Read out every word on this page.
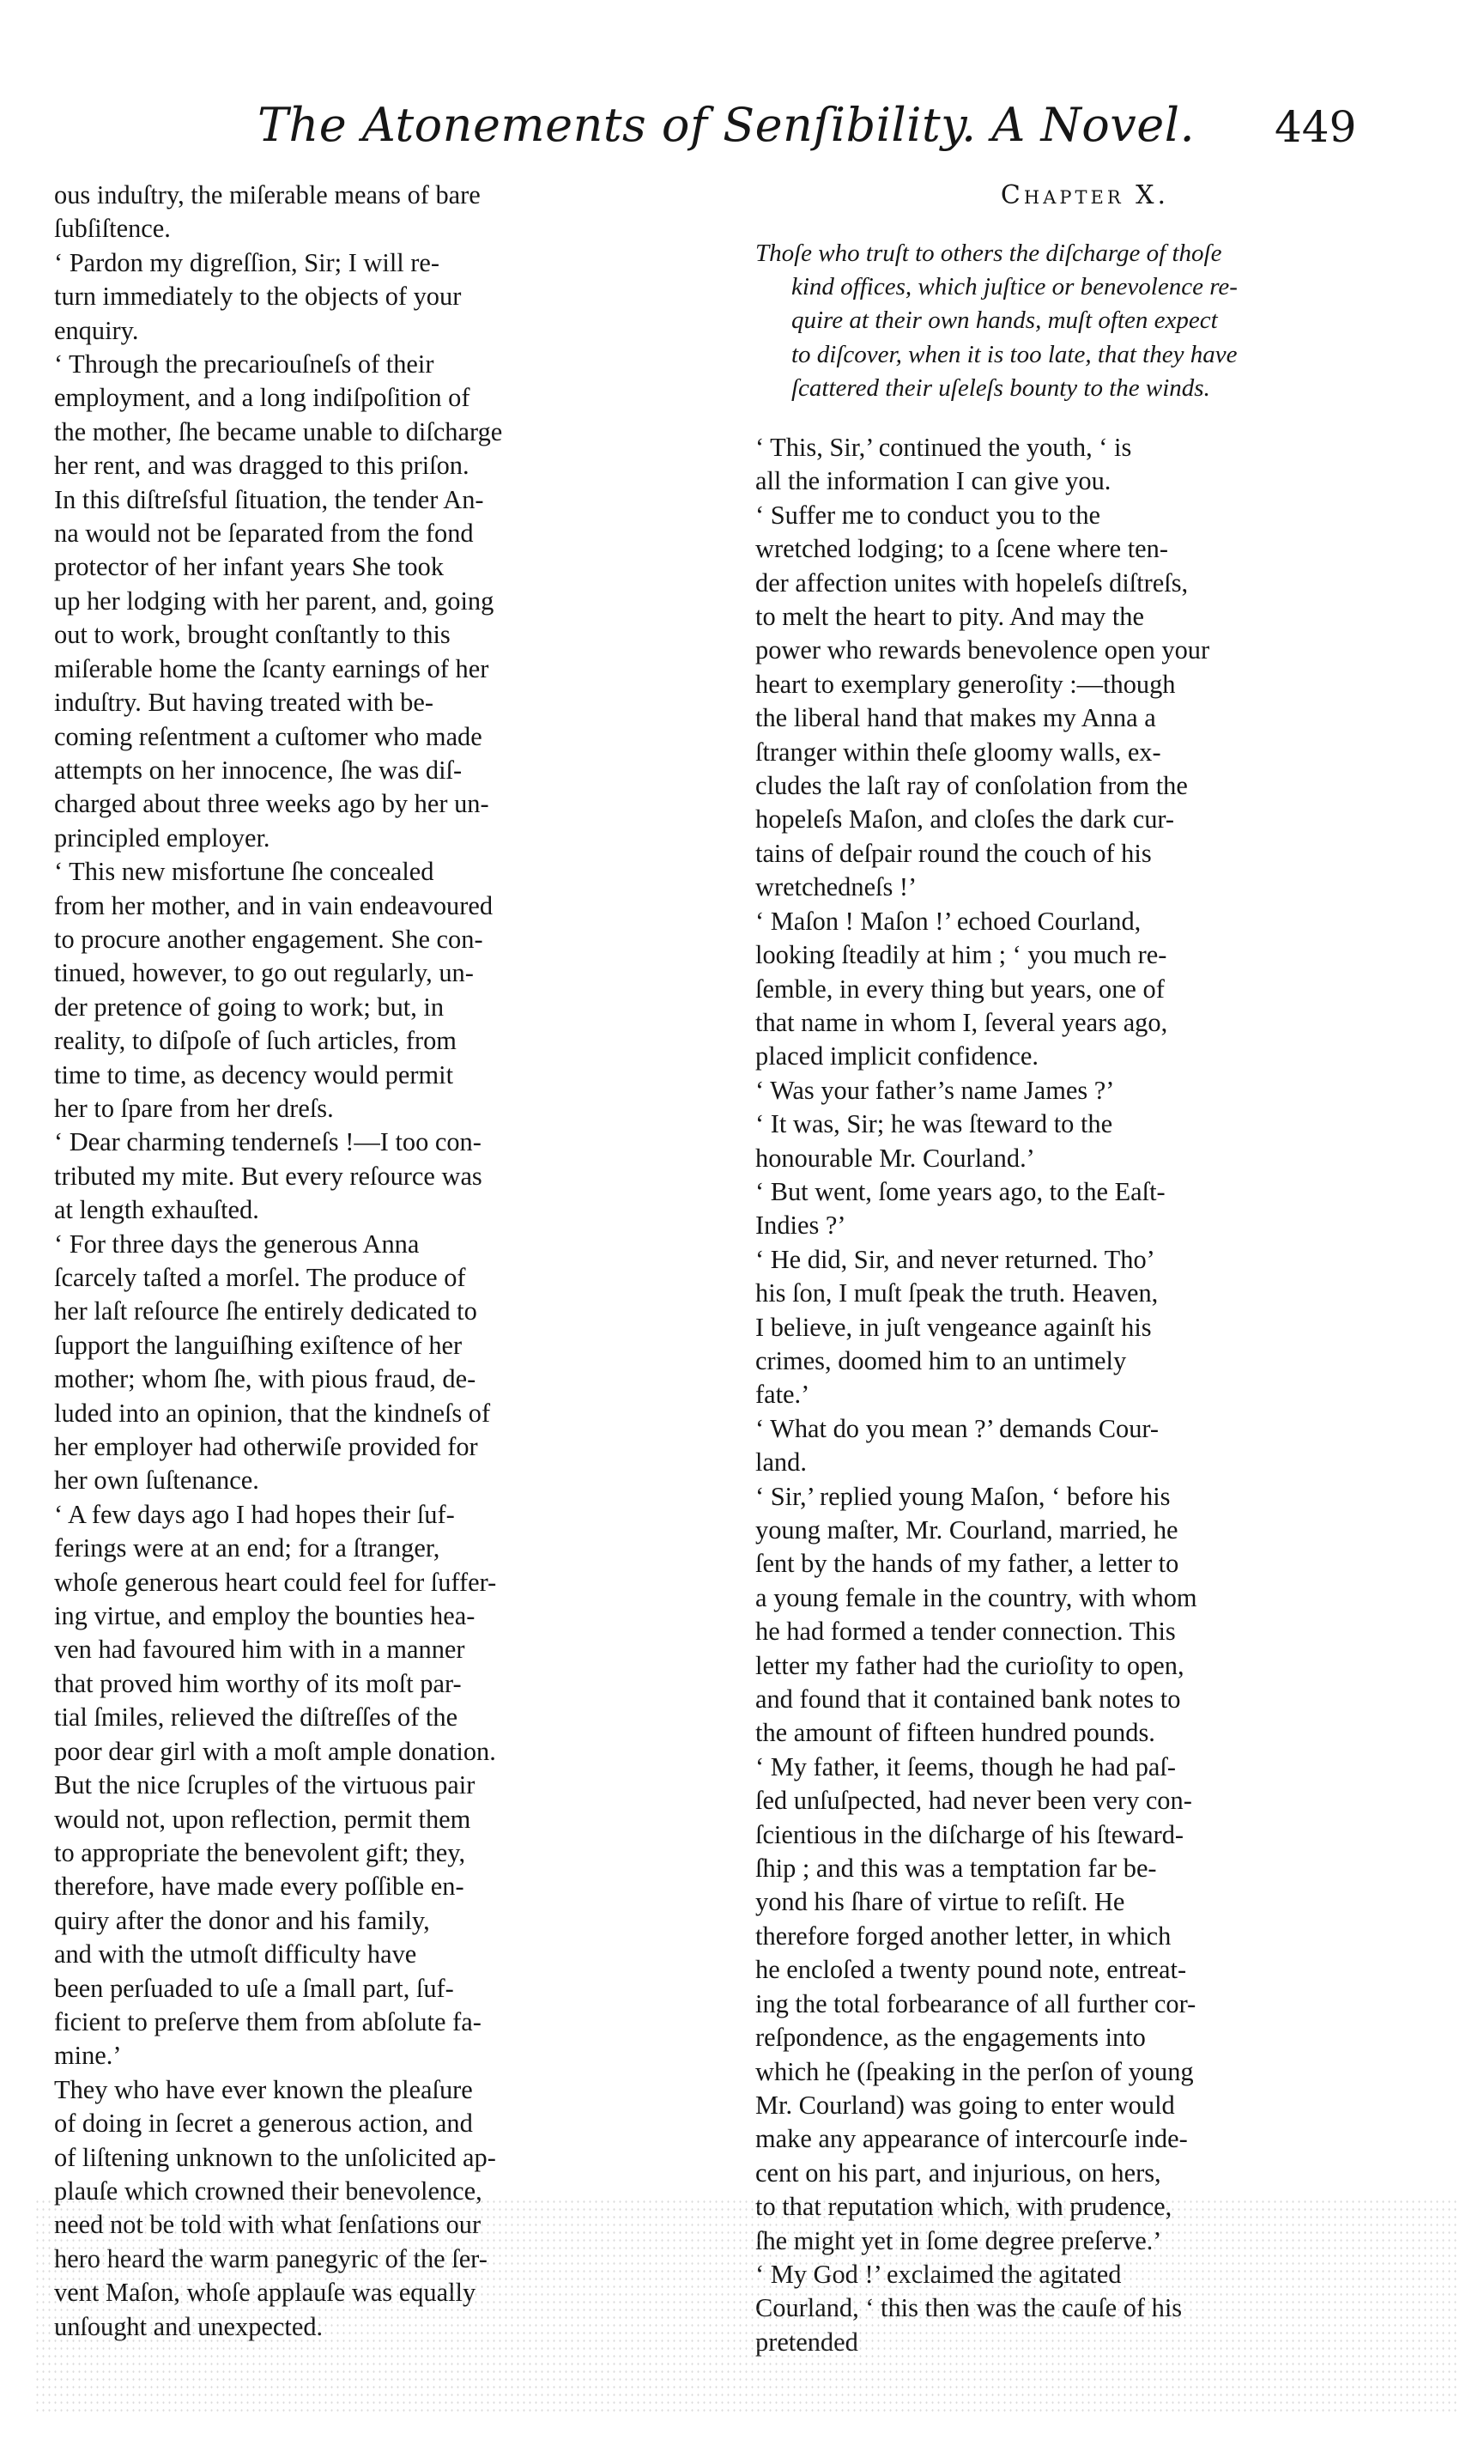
The Atonements of Senſibility. A Novel. 449

ous induſtry, the miſerable means of bare

ſubſiſtence.

‘ Pardon my digreſſion, Sir; I will re-

turn immediately to the objects of your

enquiry.

‘ Through the precariouſneſs of their

employment, and a long indiſpoſition of

the mother, ſhe became unable to diſcharge

her rent, and was dragged to this priſon.

In this diſtreſsful ſituation, the tender An-

na would not be ſeparated from the fond

protector of her infant years She took

up her lodging with her parent, and, going

out to work, brought conſtantly to this

miſerable home the ſcanty earnings of her

induſtry. But having treated with be-

coming reſentment a cuſtomer who made

attempts on her innocence, ſhe was diſ-

charged about three weeks ago by her un-

principled employer.

‘ This new misfortune ſhe concealed

from her mother, and in vain endeavoured

to procure another engagement. She con-

tinued, however, to go out regularly, un-

der pretence of going to work; but, in

reality, to diſpoſe of ſuch articles, from

time to time, as decency would permit

her to ſpare from her dreſs.

‘ Dear charming tenderneſs !—I too con-

tributed my mite. But every reſource was

at length exhauſted.

‘ For three days the generous Anna

ſcarcely taſted a morſel. The produce of

her laſt reſource ſhe entirely dedicated to

ſupport the languiſhing exiſtence of her

mother; whom ſhe, with pious fraud, de-

luded into an opinion, that the kindneſs of

her employer had otherwiſe provided for

her own ſuſtenance.

‘ A few days ago I had hopes their ſuf-

ferings were at an end; for a ſtranger,

whoſe generous heart could feel for ſuffer-

ing virtue, and employ the bounties hea-

ven had favoured him with in a manner

that proved him worthy of its moſt par-

tial ſmiles, relieved the diſtreſſes of the

poor dear girl with a moſt ample donation.

But the nice ſcruples of the virtuous pair

would not, upon reflection, permit them

to appropriate the benevolent gift; they,

therefore, have made every poſſible en-

quiry after the donor and his family,

and with the utmoſt difficulty have

been perſuaded to uſe a ſmall part, ſuf-

ficient to preſerve them from abſolute fa-

mine.’

They who have ever known the pleaſure

of doing in ſecret a generous action, and

of liſtening unknown to the unſolicited ap-

plauſe which crowned their benevolence,

need not be told with what ſenſations our

hero heard the warm panegyric of the ſer-

vent Maſon, whoſe applauſe was equally

unſought and unexpected.

Chapter X.

Thoſe who truſt to others the diſcharge of thoſe

kind offices, which juſtice or benevolence re-

quire at their own hands, muſt often expect

to diſcover, when it is too late, that they have

ſcattered their uſeleſs bounty to the winds.

‘ This, Sir,’ continued the youth, ‘ is

all the information I can give you.

‘ Suffer me to conduct you to the

wretched lodging; to a ſcene where ten-

der affection unites with hopeleſs diſtreſs,

to melt the heart to pity. And may the

power who rewards benevolence open your

heart to exemplary generoſity :—though

the liberal hand that makes my Anna a

ſtranger within theſe gloomy walls, ex-

cludes the laſt ray of conſolation from the

hopeleſs Maſon, and cloſes the dark cur-

tains of deſpair round the couch of his

wretchedneſs !’

‘ Maſon ! Maſon !’ echoed Courland,

looking ſteadily at him ; ‘ you much re-

ſemble, in every thing but years, one of

that name in whom I, ſeveral years ago,

placed implicit confidence.

‘ Was your father’s name James ?’

‘ It was, Sir; he was ſteward to the

honourable Mr. Courland.’

‘ But went, ſome years ago, to the Eaſt-

Indies ?’

‘ He did, Sir, and never returned. Tho’

his ſon, I muſt ſpeak the truth. Heaven,

I believe, in juſt vengeance againſt his

crimes, doomed him to an untimely

fate.’

‘ What do you mean ?’ demands Cour-

land.

‘ Sir,’ replied young Maſon, ‘ before his

young maſter, Mr. Courland, married, he

ſent by the hands of my father, a letter to

a young female in the country, with whom

he had formed a tender connection. This

letter my father had the curioſity to open,

and found that it contained bank notes to

the amount of fifteen hundred pounds.

‘ My father, it ſeems, though he had paſ-

ſed unſuſpected, had never been very con-

ſcientious in the diſcharge of his ſteward-

ſhip ; and this was a temptation far be-

yond his ſhare of virtue to reſiſt. He

therefore forged another letter, in which

he encloſed a twenty pound note, entreat-

ing the total forbearance of all further cor-

reſpondence, as the engagements into

which he (ſpeaking in the perſon of young

Mr. Courland) was going to enter would

make any appearance of intercourſe inde-

cent on his part, and injurious, on hers,

to that reputation which, with prudence,

ſhe might yet in ſome degree preſerve.’

‘ My God !’ exclaimed the agitated

Courland, ‘ this then was the cauſe of his

pretended
